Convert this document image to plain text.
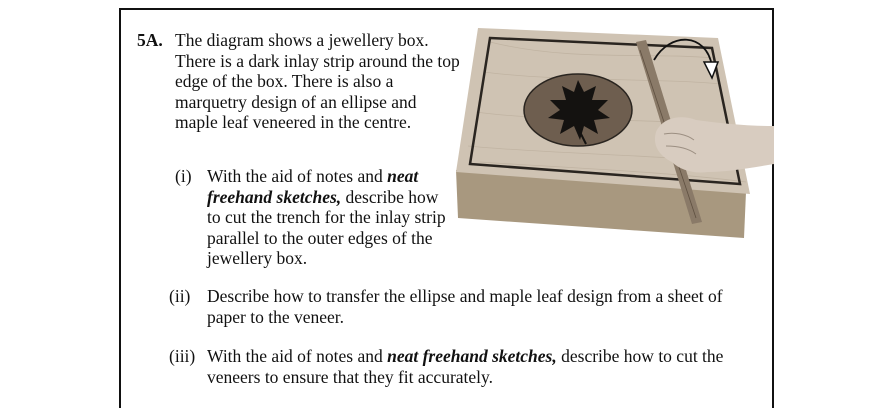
5A. The diagram shows a jewellery box. There is a dark inlay strip around the top edge of the box. There is also a marquetry design of an ellipse and maple leaf veneered in the centre.
(i) With the aid of notes and neat freehand sketches, describe how to cut the trench for the inlay strip parallel to the outer edges of the jewellery box.
(ii) Describe how to transfer the ellipse and maple leaf design from a sheet of paper to the veneer.
(iii) With the aid of notes and neat freehand sketches, describe how to cut the veneers to ensure that they fit accurately.
